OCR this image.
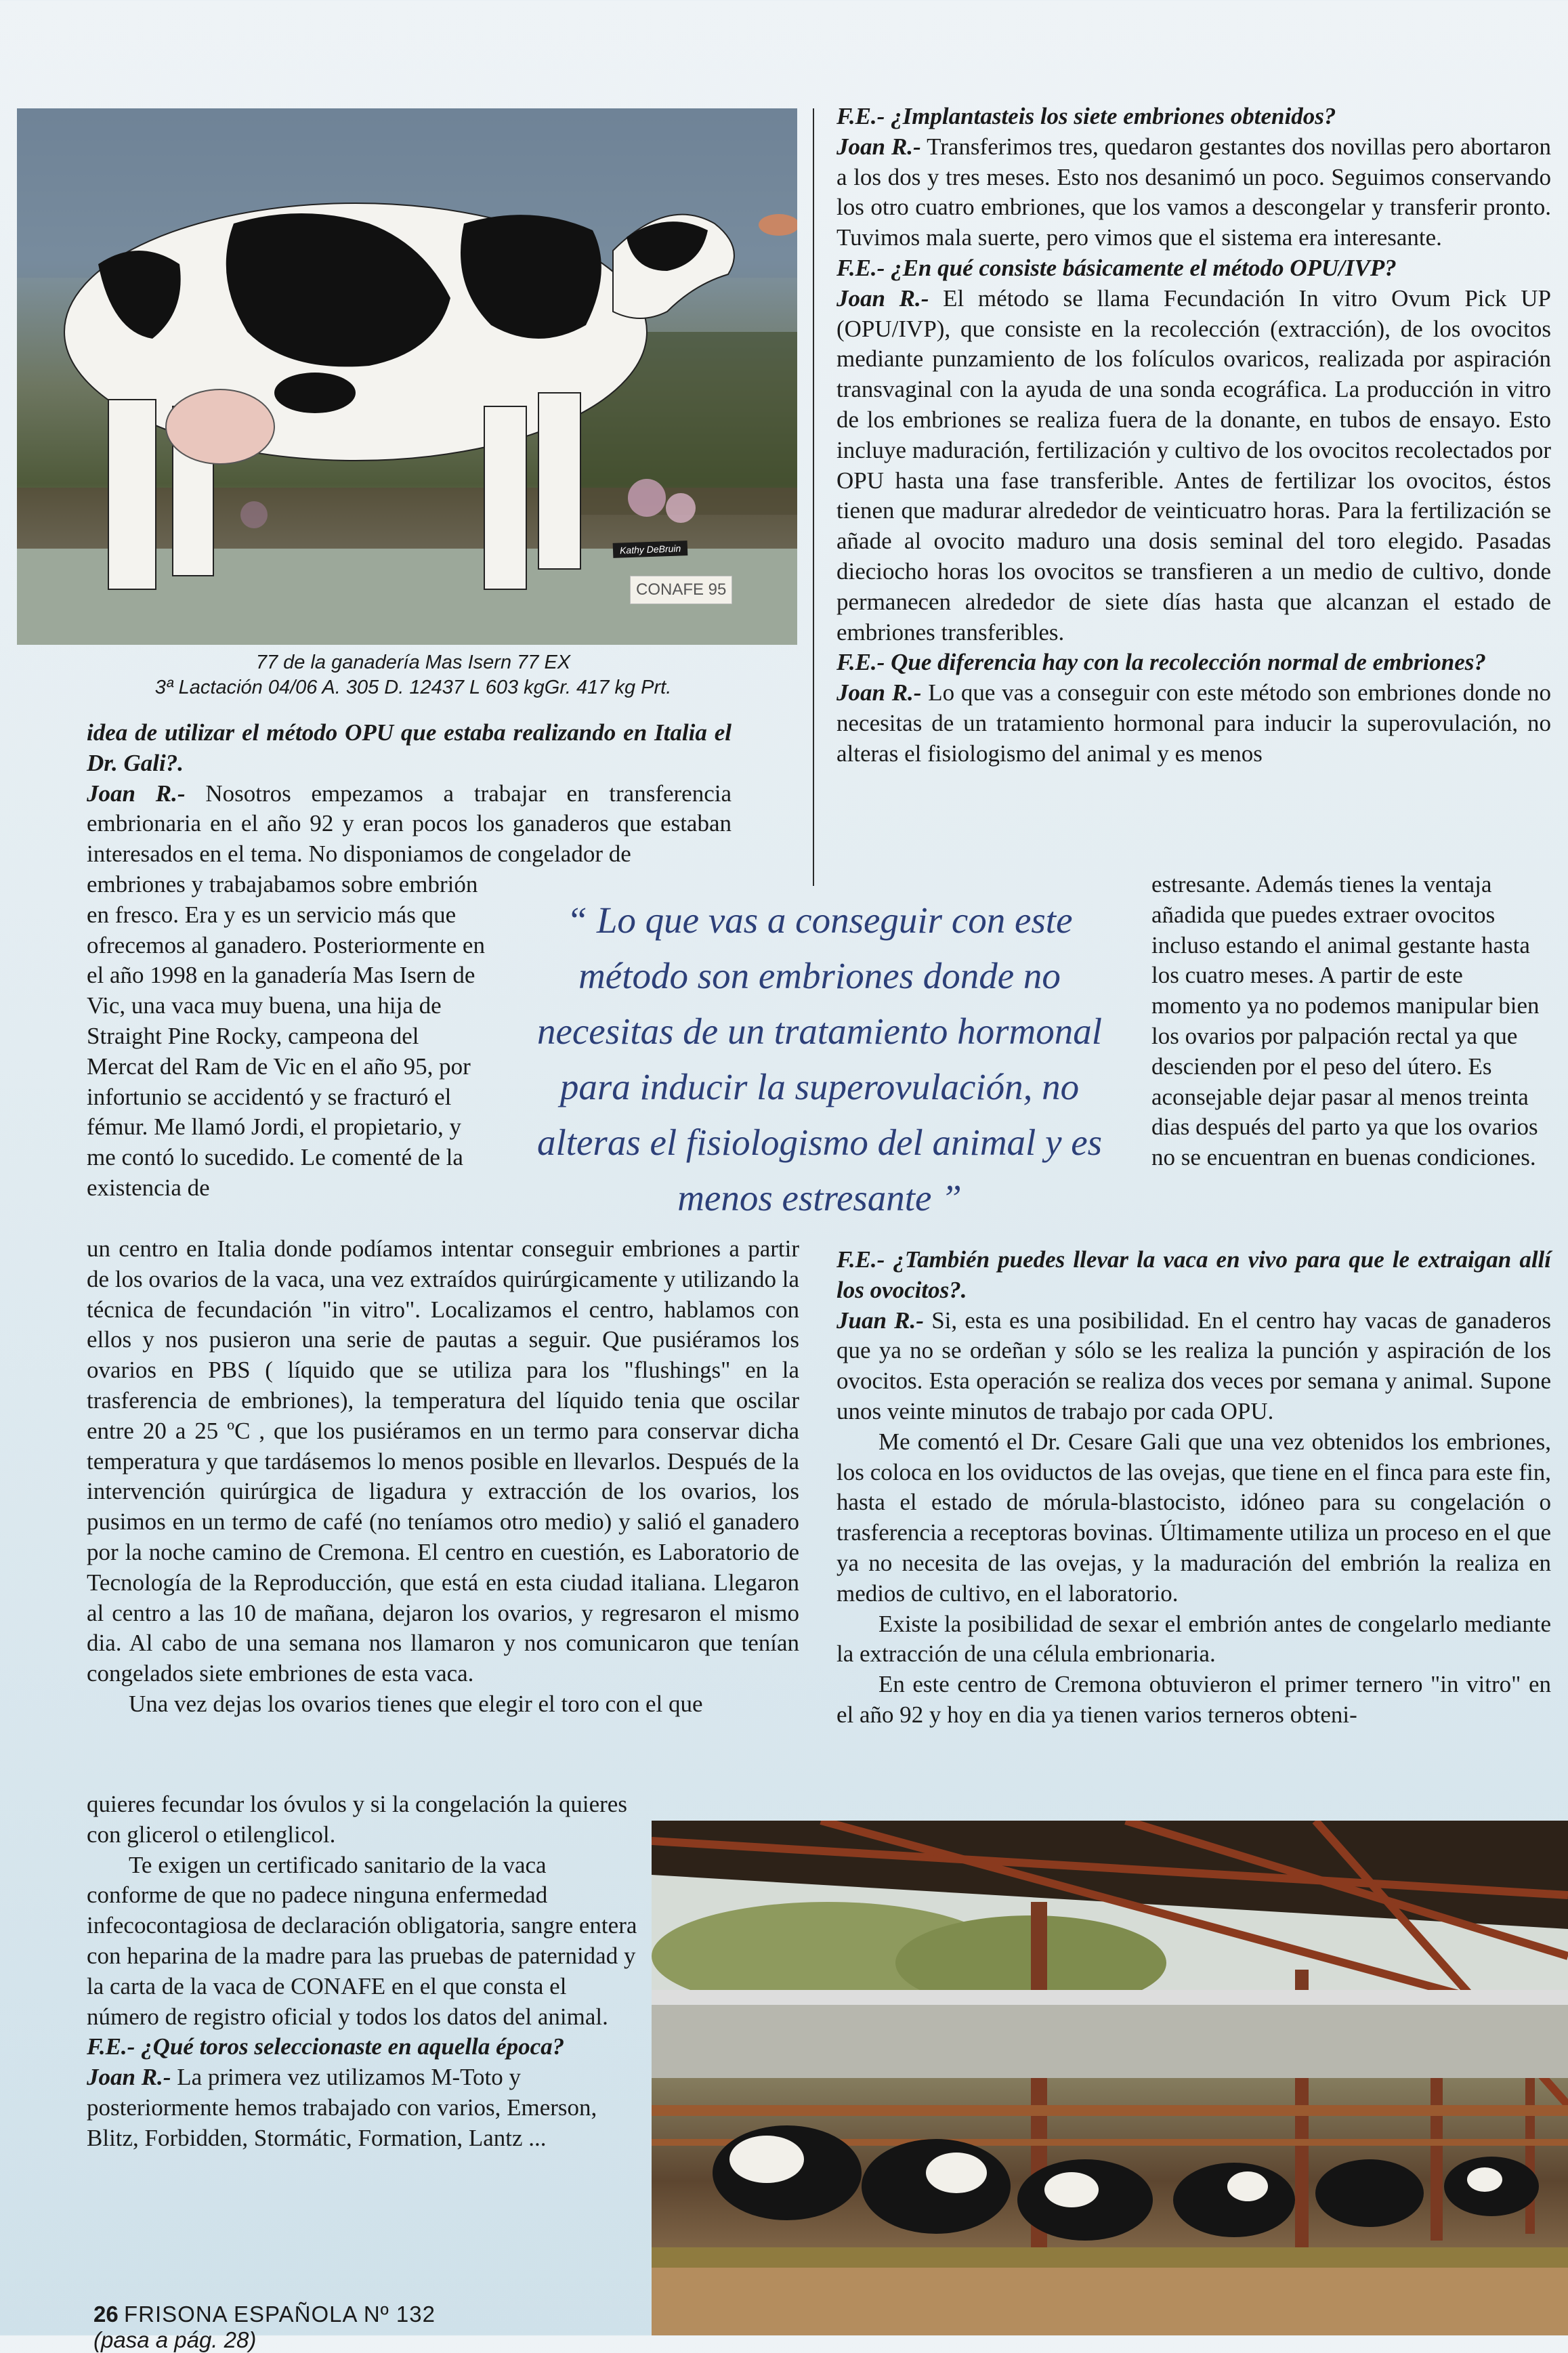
Kathy DeBruin
CONAFE 95
77 de la ganadería Mas Isern 77 EX
3ª Lactación 04/06 A. 305 D. 12437 L 603 kgGr. 417 kg Prt.

idea de utilizar el método OPU que estaba realizando en Italia el Dr. Gali?.

Joan R.- Nosotros empezamos a trabajar en transferencia embrionaria en el año 92 y eran pocos los ganaderos que estaban interesados en el tema. No disponiamos de congelador de

embriones y trabajabamos sobre embrión en fresco. Era y es un servicio más que ofrecemos al ganadero. Posteriormente en el año 1998 en la ganadería Mas Isern de Vic, una vaca muy buena, una hija de Straight Pine Rocky, campeona del Mercat del Ram de Vic en el año 95, por infortunio se accidentó y se fracturó el fémur. Me llamó Jordi, el propietario, y me contó lo sucedido. Le comenté de la existencia de

un centro en Italia donde podíamos intentar conseguir embriones a partir de los ovarios de la vaca, una vez extraídos quirúrgicamente y utilizando la técnica de fecundación "in vitro". Localizamos el centro, hablamos con ellos y nos pusieron una serie de pautas a seguir. Que pusiéramos los ovarios en PBS ( líquido que se utiliza para los "flushings" en la trasferencia de embriones), la temperatura del líquido tenia que oscilar entre 20 a 25 ºC , que los pusiéramos en un termo para conservar dicha temperatura y que tardásemos lo menos posible en llevarlos. Después de la intervención quirúrgica de ligadura y extracción de los ovarios, los pusimos en un termo de café (no teníamos otro medio) y salió el ganadero por la noche camino de Cremona. El centro en cuestión, es Laboratorio de Tecnología de la Reproducción, que está en esta ciudad italiana. Llegaron al centro a las 10 de mañana, dejaron los ovarios, y regresaron el mismo dia. Al cabo de una semana nos llamaron y nos comunicaron que tenían congelados siete embriones de esta vaca.

Una vez dejas los ovarios tienes que elegir el toro con el que

quieres fecundar los óvulos y si la congelación la quieres con glicerol o etilenglicol.

Te exigen un certificado sanitario de la vaca conforme de que no padece ninguna enfermedad infecocontagiosa de declaración obligatoria, sangre entera con heparina de la madre para las pruebas de paternidad y la carta de la vaca de CONAFE en el que consta el número de registro oficial y todos los datos del animal.

F.E.- ¿Qué toros seleccionaste en aquella época?

Joan R.- La primera vez utilizamos M-Toto y posteriormente hemos trabajado con varios, Emerson, Blitz, Forbidden, Stormátic, Formation, Lantz ...

“ Lo que vas a conseguir con este método son embriones donde no necesitas de un tratamiento hormonal para inducir la superovulación, no alteras el fisiologismo del animal y es menos estresante ”

F.E.- ¿Implantasteis los siete embriones obtenidos?

Joan R.- Transferimos tres, quedaron gestantes dos novillas pero abortaron a los dos y tres meses. Esto nos desanimó un poco. Seguimos conservando los otro cuatro embriones, que los vamos a descongelar y transferir pronto. Tuvimos mala suerte, pero vimos que el sistema era interesante.

F.E.- ¿En qué consiste básicamente el método OPU/IVP?

Joan R.- El método se llama Fecundación In vitro Ovum Pick UP (OPU/IVP), que consiste en la recolección (extracción), de los ovocitos mediante punzamiento de los folículos ovaricos, realizada por aspiración transvaginal con la ayuda de una sonda ecográfica. La producción in vitro de los embriones se realiza fuera de la donante, en tubos de ensayo. Esto incluye maduración, fertilización y cultivo de los ovocitos recolectados por OPU hasta una fase transferible. Antes de fertilizar los ovocitos, éstos tienen que madurar alrededor de veinticuatro horas. Para la fertilización se añade al ovocito maduro una dosis seminal del toro elegido. Pasadas dieciocho horas los ovocitos se transfieren a un medio de cultivo, donde permanecen alrededor de siete días hasta que alcanzan el estado de embriones transferibles.

F.E.- Que diferencia hay con la recolección normal de embriones?

Joan R.- Lo que vas a conseguir con este método son embriones donde no necesitas de un tratamiento hormonal para inducir la superovulación, no alteras el fisiologismo del animal y es menos

estresante. Además tienes la ventaja añadida que puedes extraer ovocitos incluso estando el animal gestante hasta los cuatro meses. A partir de este momento ya no podemos manipular bien los ovarios por palpación rectal ya que descienden por el peso del útero. Es aconsejable dejar pasar al menos treinta dias después del parto ya que los ovarios no se encuentran en buenas condiciones.

F.E.- ¿También puedes llevar la vaca en vivo para que le extraigan allí los ovocitos?.

Juan R.- Si, esta es una posibilidad. En el centro hay vacas de ganaderos que ya no se ordeñan y sólo se les realiza la punción y aspiración de los ovocitos. Esta operación se realiza dos veces por semana y animal. Supone unos veinte minutos de trabajo por cada OPU.

Me comentó el Dr. Cesare Gali que una vez obtenidos los embriones, los coloca en los oviductos de las ovejas, que tiene en el finca para este fin, hasta el estado de mórula-blastocisto, idóneo para su congelación o trasferencia a receptoras bovinas. Últimamente utiliza un proceso en el que ya no necesita de las ovejas, y la maduración del embrión la realiza en medios de cultivo, en el laboratorio.

Existe la posibilidad de sexar el embrión antes de congelarlo mediante la extracción de una célula embrionaria.

En este centro de Cremona obtuvieron el primer ternero "in vitro" en el año 92 y hoy en dia ya tienen varios terneros obteni-

26 FRISONA ESPAÑOLA Nº 132
(pasa a pág. 28)
